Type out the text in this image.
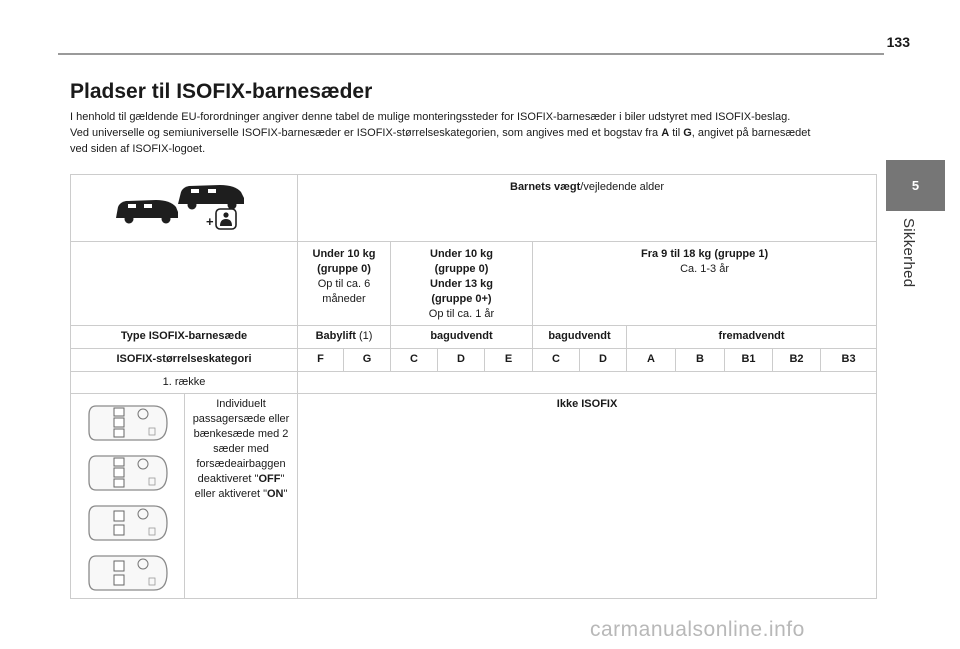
133
5
Sikkerhed
Pladser til ISOFIX-barnesæder

I henhold til gældende EU-forordninger angiver denne tabel de mulige monteringssteder for ISOFIX-barnesæder i biler udstyret med ISOFIX-beslag.
Ved universelle og semiuniverselle ISOFIX-barnesæder er ISOFIX-størrelseskategorien, som angives med et bogstav fra A til G, angivet på barnesædet
ved siden af ISOFIX-logoet.

+		Barnets vægt/vejledende alder											
		Under 10 kg
(gruppe 0)
Op til ca. 6
måneder		Under 10 kg
(gruppe 0)
Under 13 kg
(gruppe 0+)
Op til ca. 1 år			Fra 9 til 18 kg (gruppe 1)
Ca. 1-3 år						
Type ISOFIX-barnesæde		Babylift (1)		bagudvendt			bagudvendt		fremadvendt				
ISOFIX-størrelseskategori		F	G	C	D	E	C	D	A	B	B1	B2	B3
1. række													

	Individuelt passagersæde eller bænkesæde med 2 sæder med forsædeairbaggen deaktiveret "OFF" eller aktiveret "ON"	Ikke ISOFIX											
carmanualsonline.info
